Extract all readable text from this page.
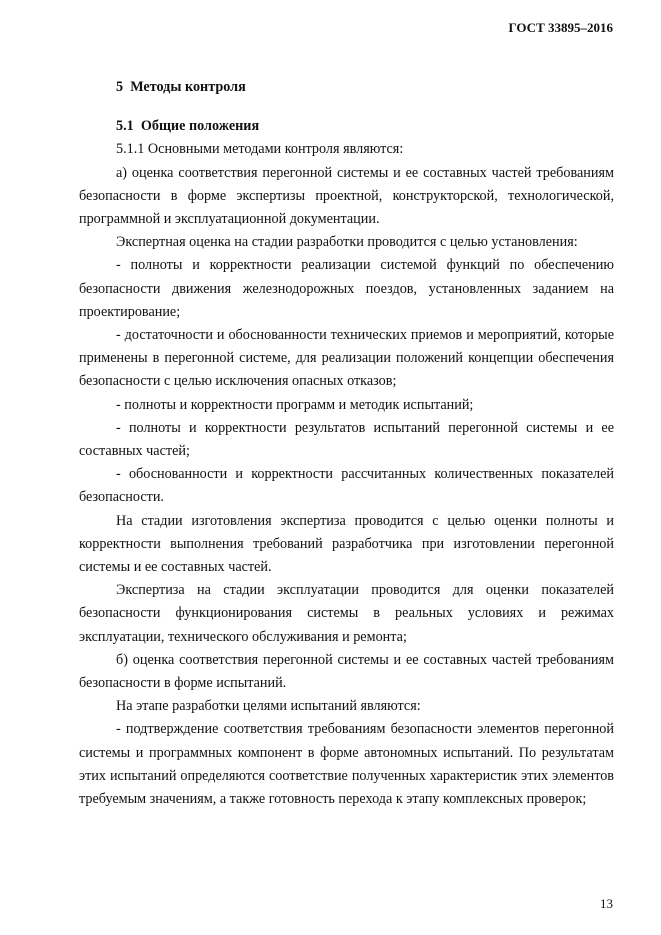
ГОСТ 33895–2016

5 Методы контроля
5.1 Общие положения

5.1.1 Основными методами контроля являются:

а) оценка соответствия перегонной системы и ее составных частей требованиям безопасности в форме экспертизы проектной, конструкторской, технологической, программной и эксплуатационной документации.

Экспертная оценка на стадии разработки проводится с целью установления:

- полноты и корректности реализации системой функций по обеспечению безопасности движения железнодорожных поездов, установленных заданием на проектирование;

- достаточности и обоснованности технических приемов и мероприятий, которые применены в перегонной системе, для реализации положений концепции обеспечения безопасности с целью исключения опасных отказов;

- полноты и корректности программ и методик испытаний;

- полноты и корректности результатов испытаний перегонной системы и ее составных частей;

- обоснованности и корректности рассчитанных количественных показателей безопасности.

На стадии изготовления экспертиза проводится с целью оценки полноты и корректности выполнения требований разработчика при изготовлении перегонной системы и ее составных частей.

Экспертиза на стадии эксплуатации проводится для оценки показателей безопасности функционирования системы в реальных условиях и режимах эксплуатации, технического обслуживания и ремонта;

б) оценка соответствия перегонной системы и ее составных частей требованиям безопасности в форме испытаний.

На этапе разработки целями испытаний являются:

- подтверждение соответствия требованиям безопасности элементов перегонной системы и программных компонент в форме автономных испытаний. По результатам этих испытаний определяются соответствие полученных характеристик этих элементов требуемым значениям, а также готовность перехода к этапу комплексных проверок;

13
